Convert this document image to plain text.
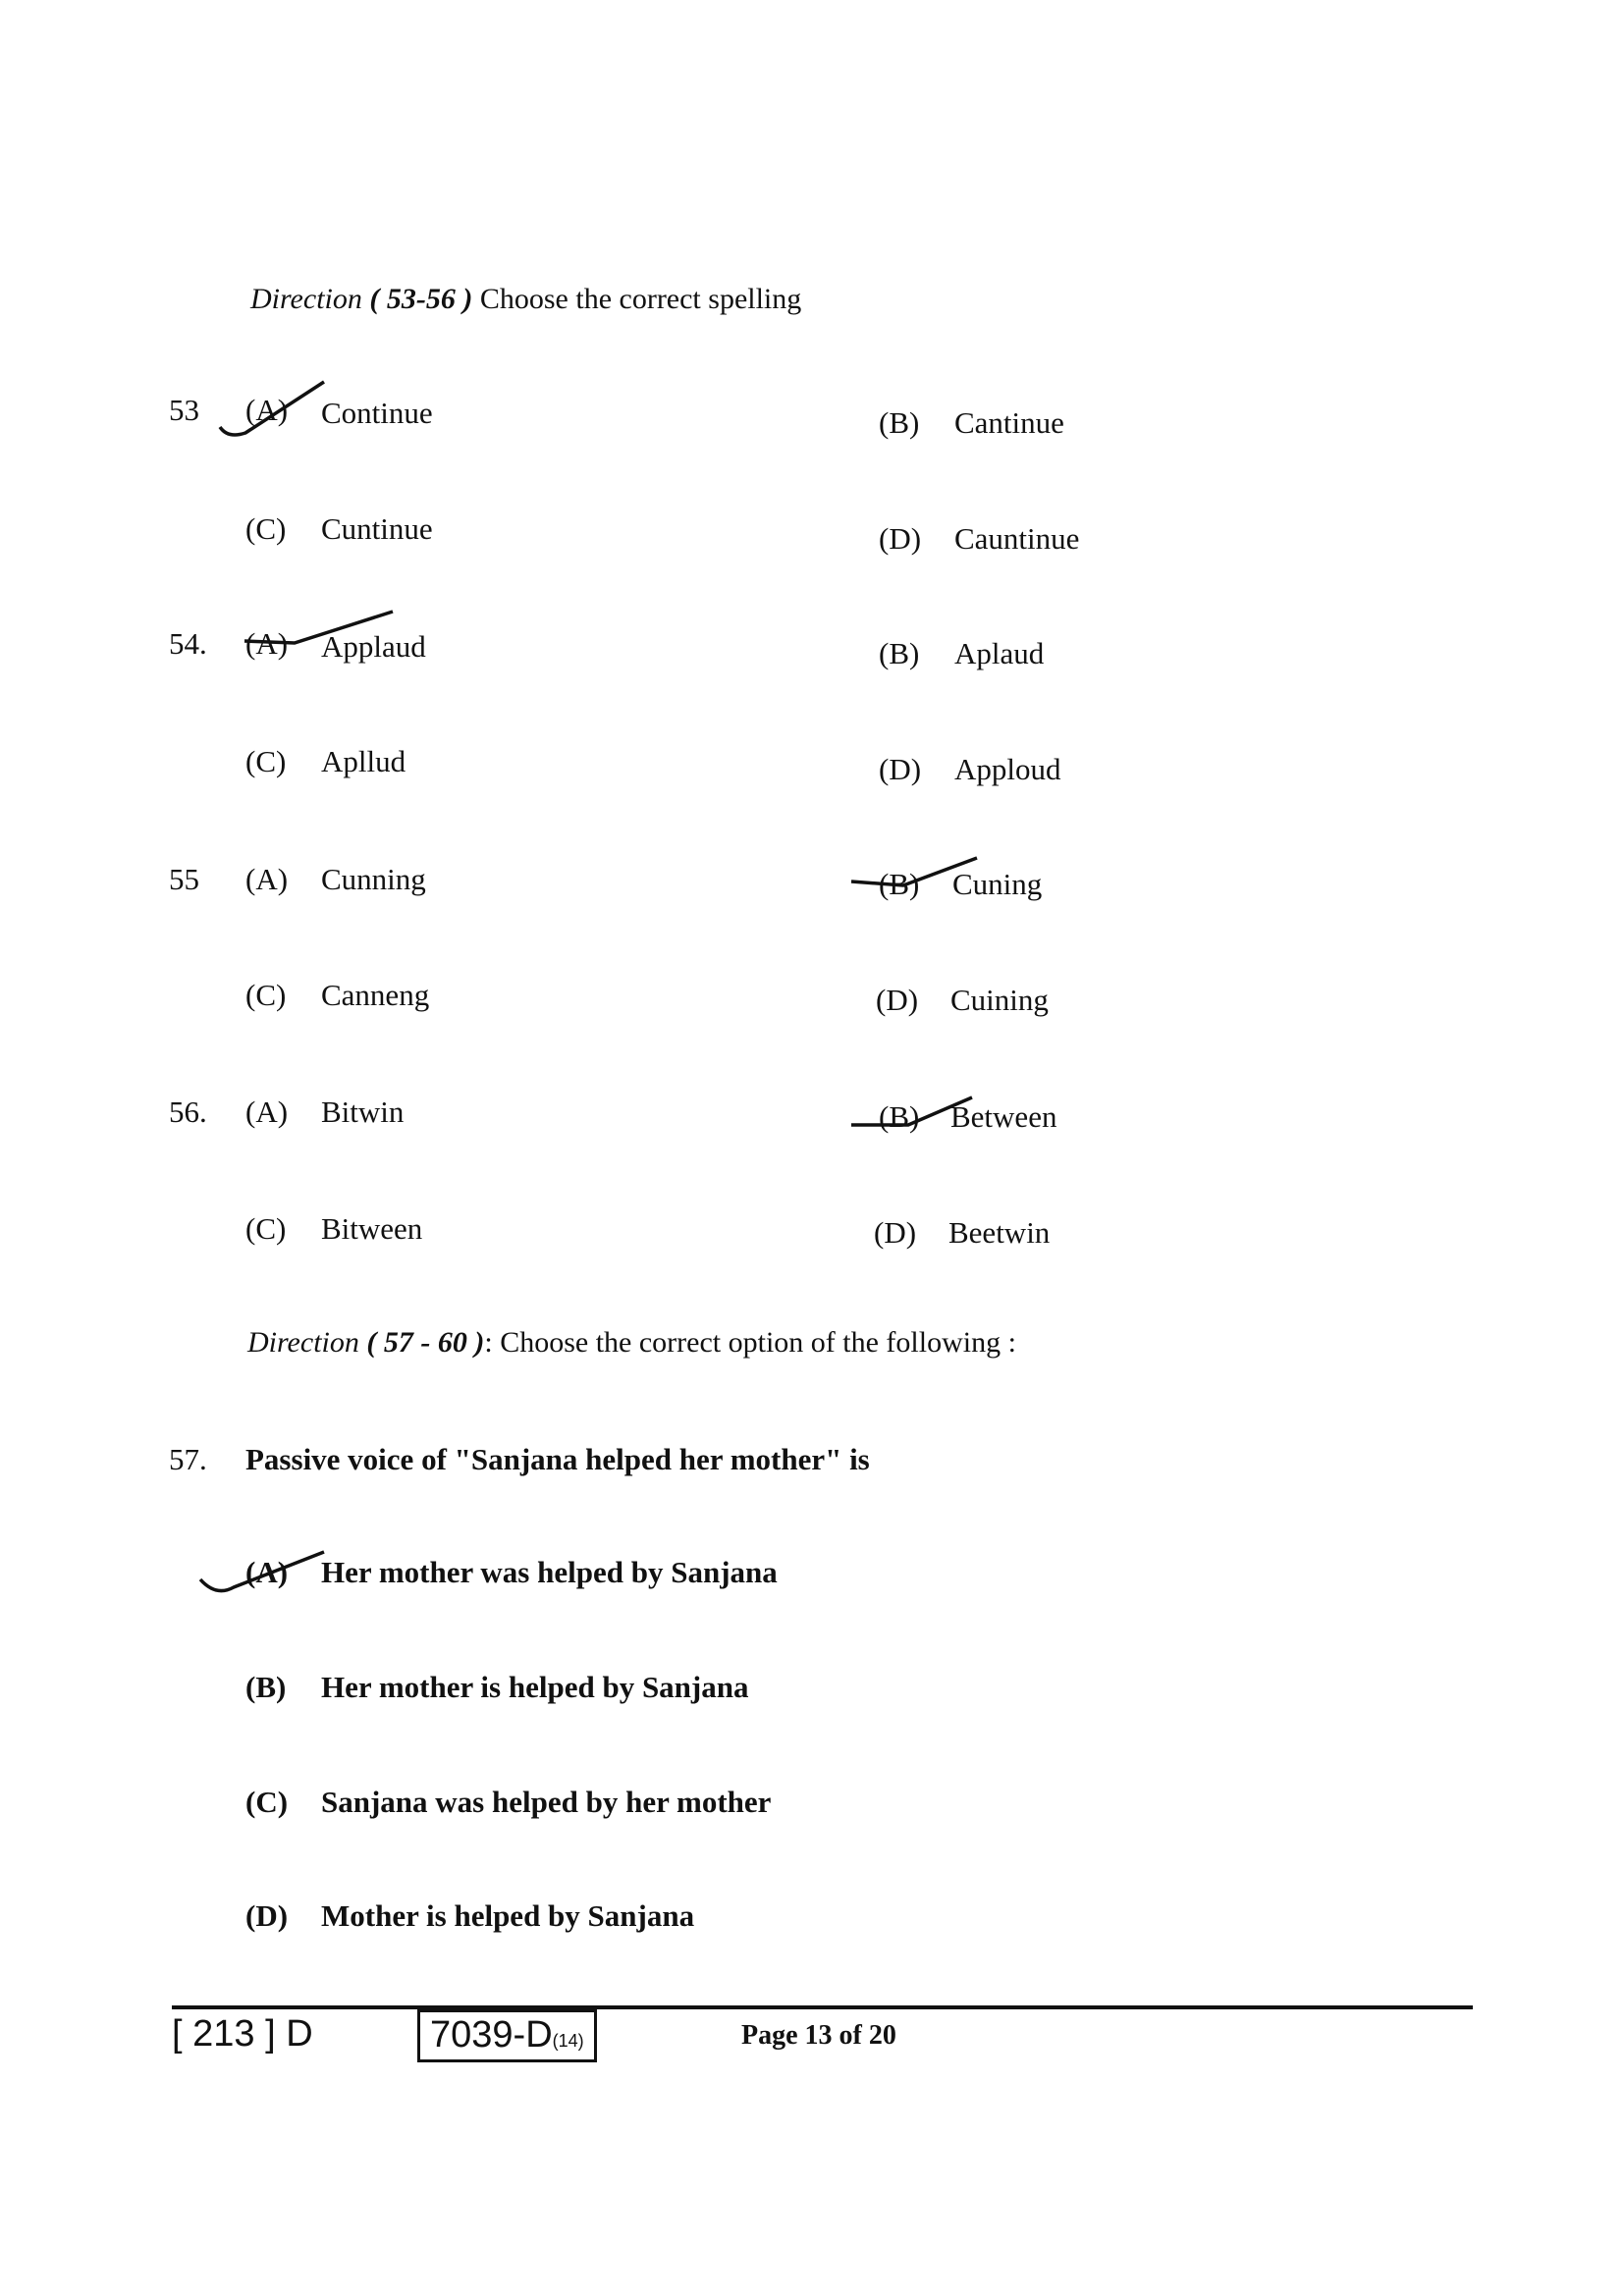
Direction ( 53-56 ) Choose the correct spelling
53 (A) Continue	(B) Cantinue
(C) Cuntinue	(D) Cauntinue
54. (A) Applaud	(B) Aplaud
(C) Apllud	(D) Applоud
55 (A) Cunning	(B) Cuning
(C) Canneng	(D) Cuining
56. (A) Bitwin	(B) Between
(C) Bitween	(D) Beetwin
Direction ( 57 - 60 ): Choose the correct option of the following :
57. Passive voice of "Sanjana helped her mother" is
(A) Her mother was helped by Sanjana
(B) Her mother is helped by Sanjana
(C) Sanjana was helped by her mother
(D) Mother is helped by Sanjana
[ 213 ] D	7039-D(14)	Page 13 of 20
